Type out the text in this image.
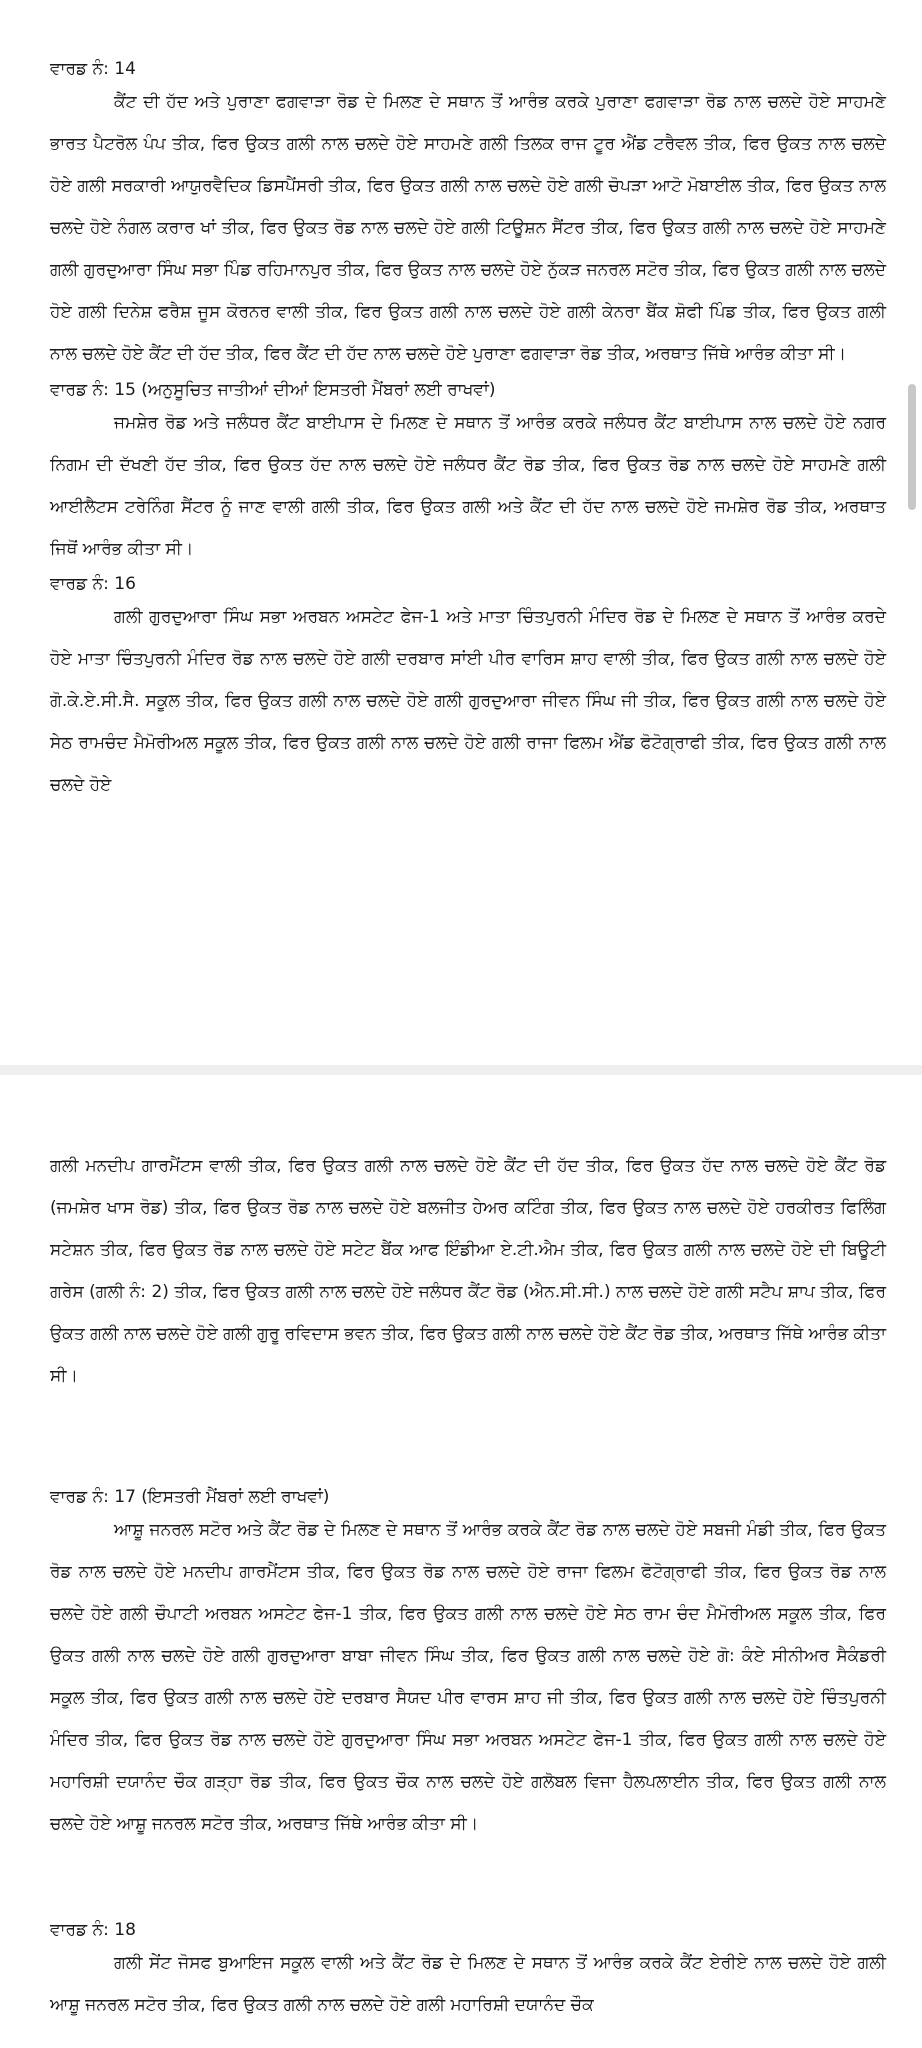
ਵਾਰਡ ਨੰ: 14

ਕੈਂਟ ਦੀ ਹੱਦ ਅਤੇ ਪੁਰਾਣਾ ਫਗਵਾੜਾ ਰੋਡ ਦੇ ਮਿਲਣ ਦੇ ਸਥਾਨ ਤੋਂ ਆਰੰਭ ਕਰਕੇ ਪੁਰਾਣਾ ਫਗਵਾੜਾ ਰੋਡ ਨਾਲ ਚਲਦੇ ਹੋਏ ਸਾਹਮਣੇ ਭਾਰਤ ਪੈਟਰੋਲ ਪੰਪ ਤੀਕ, ਫਿਰ ਉਕਤ ਗਲੀ ਨਾਲ ਚਲਦੇ ਹੋਏ ਸਾਹਮਣੇ ਗਲੀ ਤਿਲਕ ਰਾਜ ਟੂਰ ਐਂਡ ਟਰੈਵਲ ਤੀਕ, ਫਿਰ ਉਕਤ ਨਾਲ ਚਲਦੇ ਹੋਏ ਗਲੀ ਸਰਕਾਰੀ ਆਯੁਰਵੈਦਿਕ ਡਿਸਪੈਂਸਰੀ ਤੀਕ, ਫਿਰ ਉਕਤ ਗਲੀ ਨਾਲ ਚਲਦੇ ਹੋਏ ਗਲੀ ਚੋਪੜਾ ਆਟੋ ਮੋਬਾਈਲ ਤੀਕ, ਫਿਰ ਉਕਤ ਨਾਲ ਚਲਦੇ ਹੋਏ ਨੰਗਲ ਕਰਾਰ ਖਾਂ ਤੀਕ, ਫਿਰ ਉਕਤ ਰੋਡ ਨਾਲ ਚਲਦੇ ਹੋਏ ਗਲੀ ਟਿਊਸ਼ਨ ਸੈਂਟਰ ਤੀਕ, ਫਿਰ ਉਕਤ ਗਲੀ ਨਾਲ ਚਲਦੇ ਹੋਏ ਸਾਹਮਣੇ ਗਲੀ ਗੁਰਦੁਆਰਾ ਸਿੰਘ ਸਭਾ ਪਿੰਡ ਰਹਿਮਾਨਪੁਰ ਤੀਕ, ਫਿਰ ਉਕਤ ਨਾਲ ਚਲਦੇ ਹੋਏ ਨੁੱਕੜ ਜਨਰਲ ਸਟੋਰ ਤੀਕ, ਫਿਰ ਉਕਤ ਗਲੀ ਨਾਲ ਚਲਦੇ ਹੋਏ ਗਲੀ ਦਿਨੇਸ਼ ਫਰੈਸ਼ ਜੂਸ ਕੋਰਨਰ ਵਾਲੀ ਤੀਕ, ਫਿਰ ਉਕਤ ਗਲੀ ਨਾਲ ਚਲਦੇ ਹੋਏ ਗਲੀ ਕੇਨਰਾ ਬੈਂਕ ਸ਼ੋਫੀ ਪਿੰਡ ਤੀਕ, ਫਿਰ ਉਕਤ ਗਲੀ ਨਾਲ ਚਲਦੇ ਹੋਏ ਕੈਂਟ ਦੀ ਹੱਦ ਤੀਕ, ਫਿਰ ਕੈਂਟ ਦੀ ਹੱਦ ਨਾਲ ਚਲਦੇ ਹੋਏ ਪੁਰਾਣਾ ਫਗਵਾੜਾ ਰੋਡ ਤੀਕ, ਅਰਥਾਤ ਜਿੱਥੇ ਆਰੰਭ ਕੀਤਾ ਸੀ।

ਵਾਰਡ ਨੰ: 15 (ਅਨੁਸੂਚਿਤ ਜਾਤੀਆਂ ਦੀਆਂ ਇਸਤਰੀ ਮੈਂਬਰਾਂ ਲਈ ਰਾਖਵਾਂ)

ਜਮਸ਼ੇਰ ਰੋਡ ਅਤੇ ਜਲੰਧਰ ਕੈਂਟ ਬਾਈਪਾਸ ਦੇ ਮਿਲਣ ਦੇ ਸਥਾਨ ਤੋਂ ਆਰੰਭ ਕਰਕੇ ਜਲੰਧਰ ਕੈਂਟ ਬਾਈਪਾਸ ਨਾਲ ਚਲਦੇ ਹੋਏ ਨਗਰ ਨਿਗਮ ਦੀ ਦੱਖਣੀ ਹੱਦ ਤੀਕ, ਫਿਰ ਉਕਤ ਹੱਦ ਨਾਲ ਚਲਦੇ ਹੋਏ ਜਲੰਧਰ ਕੈਂਟ ਰੋਡ ਤੀਕ, ਫਿਰ ਉਕਤ ਰੋਡ ਨਾਲ ਚਲਦੇ ਹੋਏ ਸਾਹਮਣੇ ਗਲੀ ਆਈਲੈਟਸ ਟਰੇਨਿੰਗ ਸੈਂਟਰ ਨੂੰ ਜਾਣ ਵਾਲੀ ਗਲੀ ਤੀਕ, ਫਿਰ ਉਕਤ ਗਲੀ ਅਤੇ ਕੈਂਟ ਦੀ ਹੱਦ ਨਾਲ ਚਲਦੇ ਹੋਏ ਜਮਸ਼ੇਰ ਰੋਡ ਤੀਕ, ਅਰਥਾਤ ਜਿਥੋਂ ਆਰੰਭ ਕੀਤਾ ਸੀ।

ਵਾਰਡ ਨੰ: 16

ਗਲੀ ਗੁਰਦੁਆਰਾ ਸਿੰਘ ਸਭਾ ਅਰਬਨ ਅਸਟੇਟ ਫੇਜ-1 ਅਤੇ ਮਾਤਾ ਚਿੰਤਪੁਰਨੀ ਮੰਦਿਰ ਰੋਡ ਦੇ ਮਿਲਣ ਦੇ ਸਥਾਨ ਤੋਂ ਆਰੰਭ ਕਰਦੇ ਹੋਏ ਮਾਤਾ ਚਿੰਤਪੁਰਨੀ ਮੰਦਿਰ ਰੋਡ ਨਾਲ ਚਲਦੇ ਹੋਏ ਗਲੀ ਦਰਬਾਰ ਸਾਂਈ ਪੀਰ ਵਾਰਿਸ ਸ਼ਾਹ ਵਾਲੀ ਤੀਕ, ਫਿਰ ਉਕਤ ਗਲੀ ਨਾਲ ਚਲਦੇ ਹੋਏ ਗੋ.ਕੇ.ਏ.ਸੀ.ਸੈ. ਸਕੂਲ ਤੀਕ, ਫਿਰ ਉਕਤ ਗਲੀ ਨਾਲ ਚਲਦੇ ਹੋਏ ਗਲੀ ਗੁਰਦੁਆਰਾ ਜੀਵਨ ਸਿੰਘ ਜੀ ਤੀਕ, ਫਿਰ ਉਕਤ ਗਲੀ ਨਾਲ ਚਲਦੇ ਹੋਏ ਸੇਠ ਰਾਮਚੰਦ ਮੈਮੋਰੀਅਲ ਸਕੂਲ ਤੀਕ, ਫਿਰ ਉਕਤ ਗਲੀ ਨਾਲ ਚਲਦੇ ਹੋਏ ਗਲੀ ਰਾਜਾ ਫਿਲਮ ਐਂਡ ਫੋਟੋਗ੍ਰਾਫੀ ਤੀਕ, ਫਿਰ ਉਕਤ ਗਲੀ ਨਾਲ ਚਲਦੇ ਹੋਏ

ਗਲੀ ਮਨਦੀਪ ਗਾਰਮੈਂਟਸ ਵਾਲੀ ਤੀਕ, ਫਿਰ ਉਕਤ ਗਲੀ ਨਾਲ ਚਲਦੇ ਹੋਏ ਕੈਂਟ ਦੀ ਹੱਦ ਤੀਕ, ਫਿਰ ਉਕਤ ਹੱਦ ਨਾਲ ਚਲਦੇ ਹੋਏ ਕੈਂਟ ਰੋਡ (ਜਮਸ਼ੇਰ ਖਾਸ ਰੋਡ) ਤੀਕ, ਫਿਰ ਉਕਤ ਰੋਡ ਨਾਲ ਚਲਦੇ ਹੋਏ ਬਲਜੀਤ ਹੇਅਰ ਕਟਿੰਗ ਤੀਕ, ਫਿਰ ਉਕਤ ਨਾਲ ਚਲਦੇ ਹੋਏ ਹਰਕੀਰਤ ਫਿਲਿੰਗ ਸਟੇਸ਼ਨ ਤੀਕ, ਫਿਰ ਉਕਤ ਰੋਡ ਨਾਲ ਚਲਦੇ ਹੋਏ ਸਟੇਟ ਬੈਂਕ ਆਫ ਇੰਡੀਆ ਏ.ਟੀ.ਐਮ ਤੀਕ, ਫਿਰ ਉਕਤ ਗਲੀ ਨਾਲ ਚਲਦੇ ਹੋਏ ਦੀ ਬਿਊਟੀ ਗਰੇਸ (ਗਲੀ ਨੰ: 2) ਤੀਕ, ਫਿਰ ਉਕਤ ਗਲੀ ਨਾਲ ਚਲਦੇ ਹੋਏ ਜਲੰਧਰ ਕੈਂਟ ਰੋਡ (ਐਨ.ਸੀ.ਸੀ.) ਨਾਲ ਚਲਦੇ ਹੋਏ ਗਲੀ ਸਟੈਪ ਸ਼ਾਪ ਤੀਕ, ਫਿਰ ਉਕਤ ਗਲੀ ਨਾਲ ਚਲਦੇ ਹੋਏ ਗਲੀ ਗੁਰੂ ਰਵਿਦਾਸ ਭਵਨ ਤੀਕ, ਫਿਰ ਉਕਤ ਗਲੀ ਨਾਲ ਚਲਦੇ ਹੋਏ ਕੈਂਟ ਰੋਡ ਤੀਕ, ਅਰਥਾਤ ਜਿੱਥੇ ਆਰੰਭ ਕੀਤਾ ਸੀ।

ਵਾਰਡ ਨੰ: 17 (ਇਸਤਰੀ ਮੈਂਬਰਾਂ ਲਈ ਰਾਖਵਾਂ)

ਆਸ਼ੂ ਜਨਰਲ ਸਟੋਰ ਅਤੇ ਕੈਂਟ ਰੋਡ ਦੇ ਮਿਲਣ ਦੇ ਸਥਾਨ ਤੋਂ ਆਰੰਭ ਕਰਕੇ ਕੈਂਟ ਰੋਡ ਨਾਲ ਚਲਦੇ ਹੋਏ ਸਬਜੀ ਮੰਡੀ ਤੀਕ, ਫਿਰ ਉਕਤ ਰੋਡ ਨਾਲ ਚਲਦੇ ਹੋਏ ਮਨਦੀਪ ਗਾਰਮੈਂਟਸ ਤੀਕ, ਫਿਰ ਉਕਤ ਰੋਡ ਨਾਲ ਚਲਦੇ ਹੋਏ ਰਾਜਾ ਫਿਲਮ ਫੋਟੋਗ੍ਰਾਫੀ ਤੀਕ, ਫਿਰ ਉਕਤ ਰੋਡ ਨਾਲ ਚਲਦੇ ਹੋਏ ਗਲੀ ਚੌਪਾਟੀ ਅਰਬਨ ਅਸਟੇਟ ਫੇਜ-1 ਤੀਕ, ਫਿਰ ਉਕਤ ਗਲੀ ਨਾਲ ਚਲਦੇ ਹੋਏ ਸੇਠ ਰਾਮ ਚੰਦ ਮੈਮੋਰੀਅਲ ਸਕੂਲ ਤੀਕ, ਫਿਰ ਉਕਤ ਗਲੀ ਨਾਲ ਚਲਦੇ ਹੋਏ ਗਲੀ ਗੁਰਦੁਆਰਾ ਬਾਬਾ ਜੀਵਨ ਸਿੰਘ ਤੀਕ, ਫਿਰ ਉਕਤ ਗਲੀ ਨਾਲ ਚਲਦੇ ਹੋਏ ਗੋ: ਕੰਏ ਸੀਨੀਅਰ ਸੈਕੰਡਰੀ ਸਕੂਲ ਤੀਕ, ਫਿਰ ਉਕਤ ਗਲੀ ਨਾਲ ਚਲਦੇ ਹੋਏ ਦਰਬਾਰ ਸੈਯਦ ਪੀਰ ਵਾਰਸ ਸ਼ਾਹ ਜੀ ਤੀਕ, ਫਿਰ ਉਕਤ ਗਲੀ ਨਾਲ ਚਲਦੇ ਹੋਏ ਚਿੰਤਪੁਰਨੀ ਮੰਦਿਰ ਤੀਕ, ਫਿਰ ਉਕਤ ਰੋਡ ਨਾਲ ਚਲਦੇ ਹੋਏ ਗੁਰਦੁਆਰਾ ਸਿੰਘ ਸਭਾ ਅਰਬਨ ਅਸਟੇਟ ਫੇਜ-1 ਤੀਕ, ਫਿਰ ਉਕਤ ਗਲੀ ਨਾਲ ਚਲਦੇ ਹੋਏ ਮਹਾਰਿਸ਼ੀ ਦਯਾਨੰਦ ਚੌਕ ਗੜ੍ਹਾ ਰੋਡ ਤੀਕ, ਫਿਰ ਉਕਤ ਚੌਕ ਨਾਲ ਚਲਦੇ ਹੋਏ ਗਲੋਬਲ ਵਿਜਾ ਹੈਲਪਲਾਈਨ ਤੀਕ, ਫਿਰ ਉਕਤ ਗਲੀ ਨਾਲ ਚਲਦੇ ਹੋਏ ਆਸ਼ੂ ਜਨਰਲ ਸਟੋਰ ਤੀਕ, ਅਰਥਾਤ ਜਿੱਥੇ ਆਰੰਭ ਕੀਤਾ ਸੀ।

ਵਾਰਡ ਨੰ: 18

ਗਲੀ ਸੇਂਟ ਜੋਸਫ ਬੁਆਇਜ ਸਕੂਲ ਵਾਲੀ ਅਤੇ ਕੈਂਟ ਰੋਡ ਦੇ ਮਿਲਣ ਦੇ ਸਥਾਨ ਤੋਂ ਆਰੰਭ ਕਰਕੇ ਕੈਂਟ ਏਰੀਏ ਨਾਲ ਚਲਦੇ ਹੋਏ ਗਲੀ ਆਸ਼ੂ ਜਨਰਲ ਸਟੋਰ ਤੀਕ, ਫਿਰ ਉਕਤ ਗਲੀ ਨਾਲ ਚਲਦੇ ਹੋਏ ਗਲੀ ਮਹਾਰਿਸ਼ੀ ਦਯਾਨੰਦ ਚੌਕ
